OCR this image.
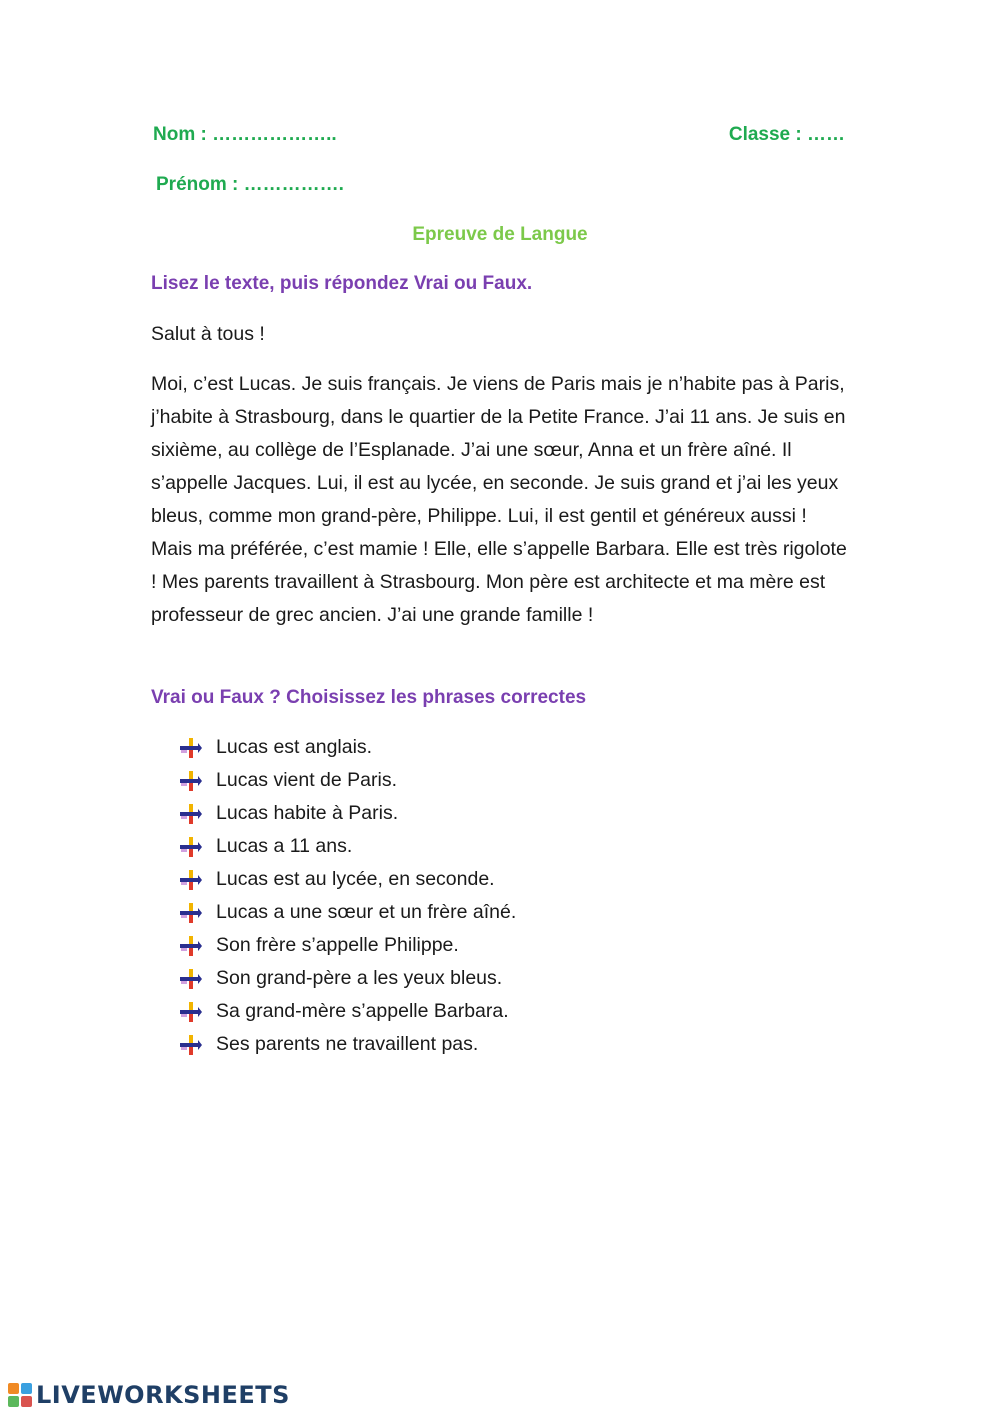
Nom : ………………..	Classe : ……
Prénom : …………….
Epreuve de Langue
Lisez le texte, puis répondez Vrai ou Faux.
Salut à tous !
Moi, c’est Lucas. Je suis français. Je viens de Paris mais je n’habite pas à Paris, j’habite à Strasbourg, dans le quartier de la Petite France. J’ai 11 ans. Je suis en sixième, au collège de l’Esplanade. J’ai une sœur, Anna et un frère aîné. Il s’appelle Jacques. Lui, il est au lycée, en seconde. Je suis grand et j’ai les yeux bleus, comme mon grand-père, Philippe. Lui, il est gentil et généreux aussi ! Mais ma préférée, c’est mamie ! Elle, elle s’appelle Barbara. Elle est très rigolote ! Mes parents travaillent à Strasbourg. Mon père est architecte et ma mère est professeur de grec ancien. J’ai une grande famille !
Vrai ou Faux ? Choisissez les phrases correctes
Lucas est anglais.
Lucas vient de Paris.
Lucas habite à Paris.
Lucas a 11 ans.
Lucas est au lycée, en seconde.
Lucas a une sœur et un frère aîné.
Son frère s’appelle Philippe.
Son grand-père a les yeux bleus.
Sa grand-mère s’appelle Barbara.
Ses parents ne travaillent pas.
LIVEWORKSHEETS
